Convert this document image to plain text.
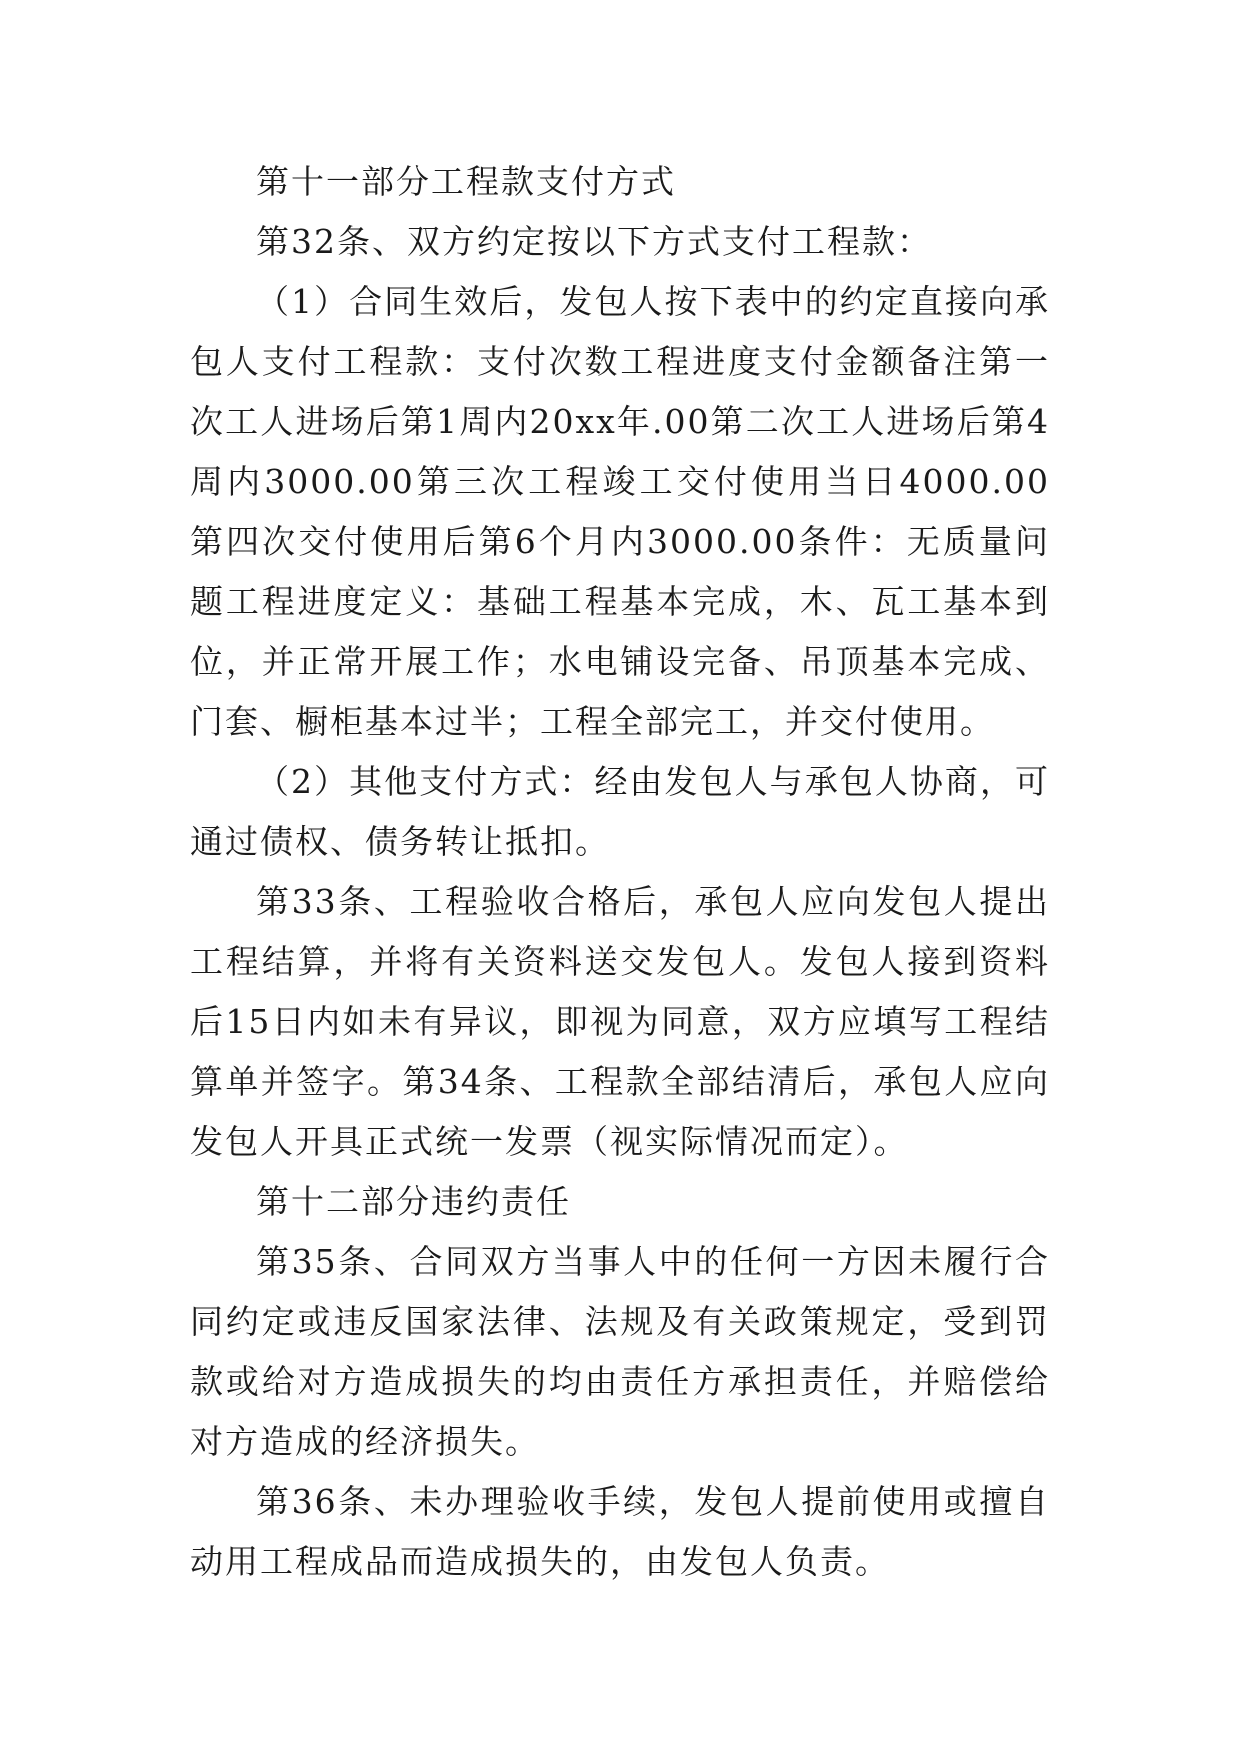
第十一部分工程款支付方式

第32条、双方约定按以下方式支付工程款：

（1）合同生效后，发包人按下表中的约定直接向承包人支付工程款：支付次数工程进度支付金额备注第一次工人进场后第1周内20xx年.00第二次工人进场后第4周内3000.00第三次工程竣工交付使用当日4000.00第四次交付使用后第6个月内3000.00条件：无质量问题工程进度定义：基础工程基本完成，木、瓦工基本到位，并正常开展工作；水电铺设完备、吊顶基本完成、门套、橱柜基本过半；工程全部完工，并交付使用。

（2）其他支付方式：经由发包人与承包人协商，可通过债权、债务转让抵扣。

第33条、工程验收合格后，承包人应向发包人提出工程结算，并将有关资料送交发包人。发包人接到资料后15日内如未有异议，即视为同意，双方应填写工程结算单并签字。第34条、工程款全部结清后，承包人应向发包人开具正式统一发票（视实际情况而定）。

第十二部分违约责任

第35条、合同双方当事人中的任何一方因未履行合同约定或违反国家法律、法规及有关政策规定，受到罚款或给对方造成损失的均由责任方承担责任，并赔偿给对方造成的经济损失。

第36条、未办理验收手续，发包人提前使用或擅自动用工程成品而造成损失的，由发包人负责。
